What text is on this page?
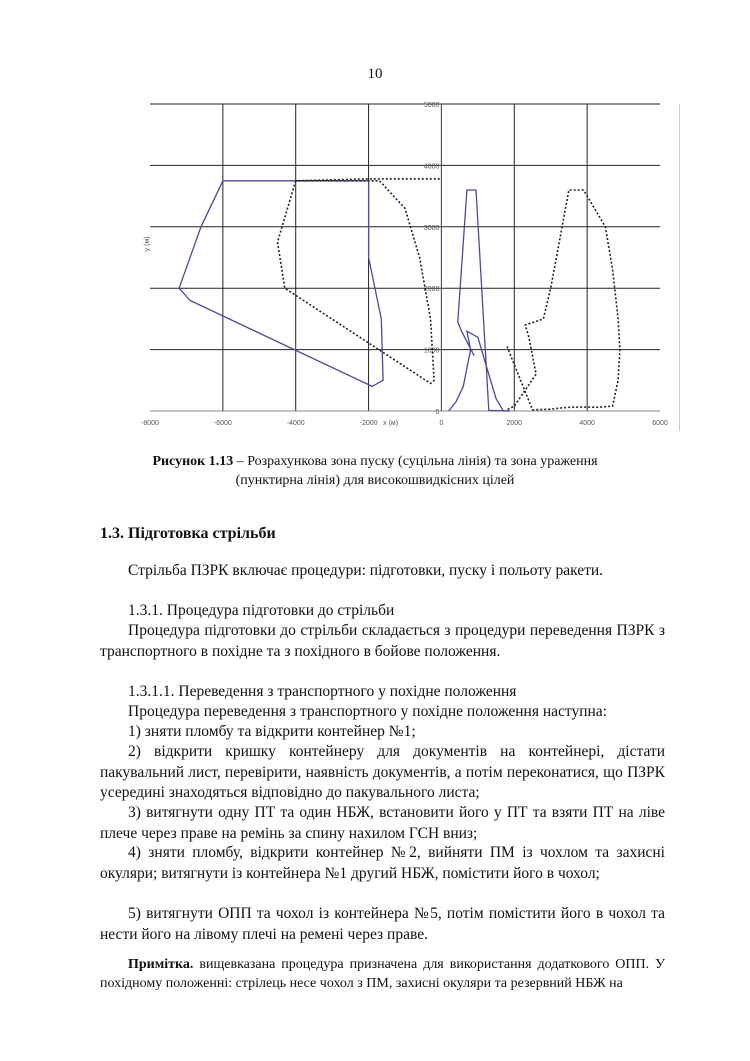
10
-8000	-6000	-4000	-2000	0	2000	4000	6000
0
1000
2000
3000
4000
5000
x (м)
y (м)
Рисунок 1.13 – Розрахункова зона пуску (суцільна лінія) та зона ураження
(пунктирна лінія) для високошвидкісних цілей
1.3. Підготовка стрільби
Стрільба ПЗРК включає процедури: підготовки, пуску і польоту ракети.
1.3.1. Процедура підготовки до стрільби
Процедура підготовки до стрільби складається з процедури переведення ПЗРК з транспортного в похідне та з похідного в бойове положення.
1.3.1.1. Переведення з транспортного у похідне положення
Процедура переведення з транспортного у похідне положення наступна:
1) зняти пломбу та відкрити контейнер №1;
2) відкрити кришку контейнеру для документів на контейнері, дістати пакувальний лист, перевірити, наявність документів, а потім переконатися, що ПЗРК усередині знаходяться відповідно до пакувального листа;
3) витягнути одну ПТ та один НБЖ, встановити його у ПТ та взяти ПТ на ліве плече через праве на ремінь за спину нахилом ГСН вниз;
4) зняти пломбу, відкрити контейнер №2, вийняти ПМ із чохлом та захисні окуляри; витягнути із контейнера №1 другий НБЖ, помістити його в чохол;
5) витягнути ОПП та чохол із контейнера №5, потім помістити його в чохол та нести його на лівому плечі на ремені через праве.
Примітка. вищевказана процедура призначена для використання додаткового ОПП. У похідному положенні: стрілець несе чохол з ПМ, захисні окуляри та резервний НБЖ на
